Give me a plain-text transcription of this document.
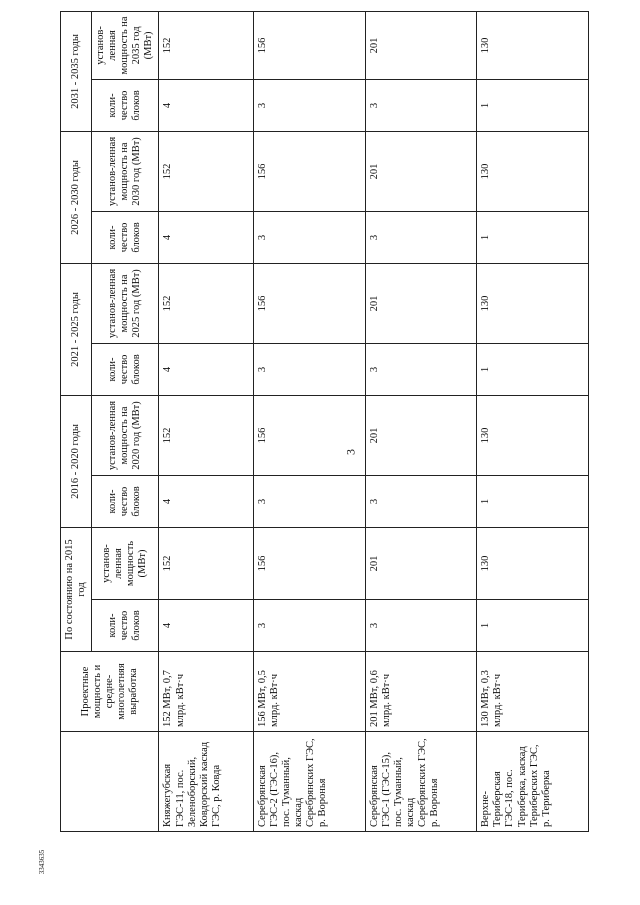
3
3343635
	Проектные мощность и средне-многолетняя выработка	По состоянию на 2015 год		2016 - 2020 годы		2021 - 2025 годы		2026 - 2030 годы		2031 - 2035 годы	
		коли-чество блоков	установ-ленная мощность (МВт)	коли-чество блоков	установ-ленная мощность на 2020 год (МВт)	коли-чество блоков	установ-ленная мощность на 2025 год (МВт)	коли-чество блоков	установ-ленная мощность на 2030 год (МВт)	коли-чество блоков	установ-ленная мощность на 2035 год (МВт)
Княжегубская ГЭС-11, пос. Зеленоборский, Ковдорский каскад ГЭС, р. Ковда	152 МВт, 0,7 млрд. кВт·ч	4	152	4	152	4	152	4	152	4	152
Серебрянская ГЭС-2 (ГЭС-16), пос. Туманный, каскад Серебрянских ГЭС, р. Воронья	156 МВт, 0,5 млрд. кВт·ч	3	156	3	156	3	156	3	156	3	156
Серебрянская ГЭС-1 (ГЭС-15), пос. Туманный, каскад Серебрянских ГЭС, р. Воронья	201 МВт, 0,6 млрд. кВт·ч	3	201	3	201	3	201	3	201	3	201
Верхне-Териберская ГЭС-18, пос. Териберка, каскад Териберских ГЭС, р. Териберка	130 МВт, 0,3 млрд. кВт·ч	1	130	1	130	1	130	1	130	1	130
